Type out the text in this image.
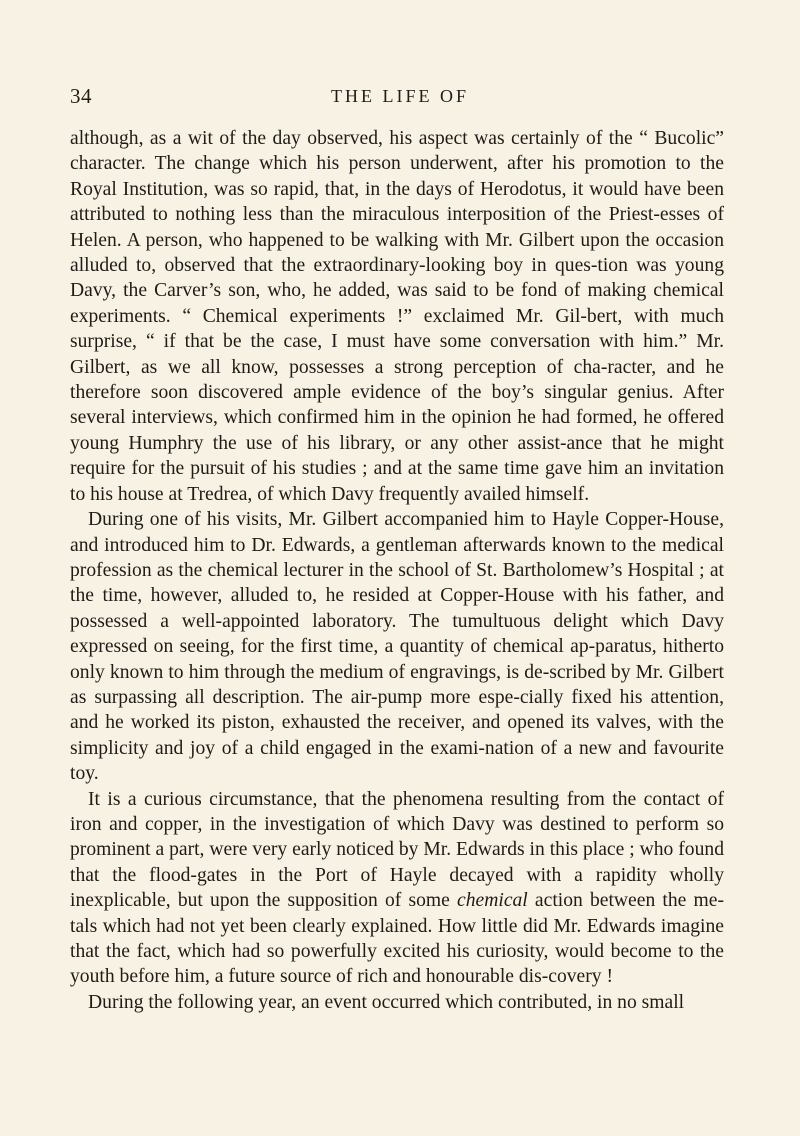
34	THE LIFE OF

although, as a wit of the day observed, his aspect was certainly of the “ Bucolic” character. The change which his person underwent, after his promotion to the Royal Institution, was so rapid, that, in the days of Herodotus, it would have been attributed to nothing less than the miraculous interposition of the Priest-esses of Helen. A person, who happened to be walking with Mr. Gilbert upon the occasion alluded to, observed that the extraordinary-looking boy in ques-tion was young Davy, the Carver’s son, who, he added, was said to be fond of making chemical experiments. “ Chemical experiments !” exclaimed Mr. Gil-bert, with much surprise, “ if that be the case, I must have some conversation with him.” Mr. Gilbert, as we all know, possesses a strong perception of cha-racter, and he therefore soon discovered ample evidence of the boy’s singular genius. After several interviews, which confirmed him in the opinion he had formed, he offered young Humphry the use of his library, or any other assist-ance that he might require for the pursuit of his studies ; and at the same time gave him an invitation to his house at Tredrea, of which Davy frequently availed himself.

During one of his visits, Mr. Gilbert accompanied him to Hayle Copper-House, and introduced him to Dr. Edwards, a gentleman afterwards known to the medical profession as the chemical lecturer in the school of St. Bartholomew’s Hospital ; at the time, however, alluded to, he resided at Copper-House with his father, and possessed a well-appointed laboratory. The tumultuous delight which Davy expressed on seeing, for the first time, a quantity of chemical ap-paratus, hitherto only known to him through the medium of engravings, is de-scribed by Mr. Gilbert as surpassing all description. The air-pump more espe-cially fixed his attention, and he worked its piston, exhausted the receiver, and opened its valves, with the simplicity and joy of a child engaged in the exami-nation of a new and favourite toy.

It is a curious circumstance, that the phenomena resulting from the contact of iron and copper, in the investigation of which Davy was destined to perform so prominent a part, were very early noticed by Mr. Edwards in this place ; who found that the flood-gates in the Port of Hayle decayed with a rapidity wholly inexplicable, but upon the supposition of some chemical action between the me-tals which had not yet been clearly explained. How little did Mr. Edwards imagine that the fact, which had so powerfully excited his curiosity, would become to the youth before him, a future source of rich and honourable dis-covery !

During the following year, an event occurred which contributed, in no small
